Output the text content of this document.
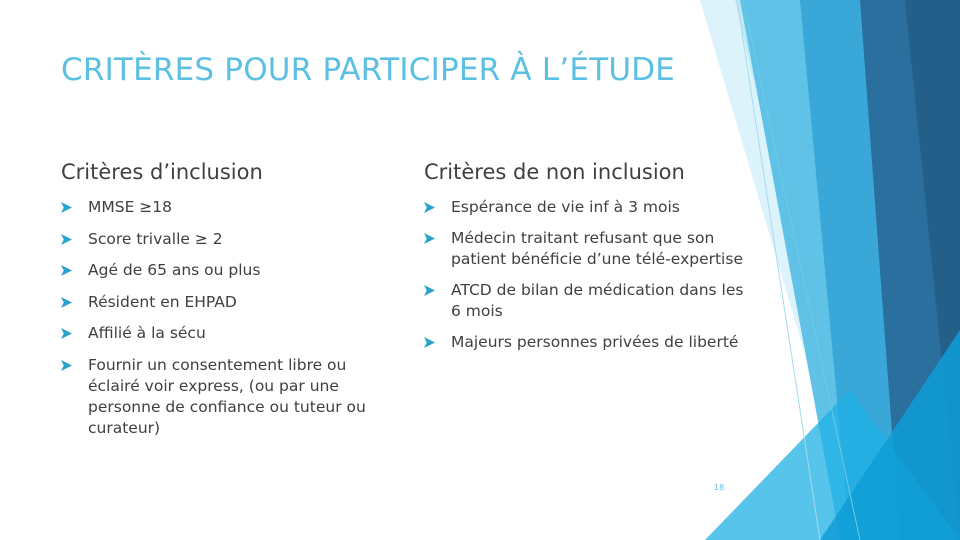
CRITÈRES POUR PARTICIPER À L’ÉTUDE
Critères d’inclusion	Critères de non inclusion
MMSE ≥18
Score trivalle ≥ 2
Agé de 65 ans ou plus
Résident en EHPAD
Affilié à la sécu
Fournir un consentement libre ou éclairé voir express, (ou par une personne de confiance ou tuteur ou curateur)
Espérance de vie inf à 3 mois
Médecin traitant refusant que son patient bénéficie d’une télé-expertise
ATCD de bilan de médication dans les 6 mois
Majeurs personnes privées de liberté
18
